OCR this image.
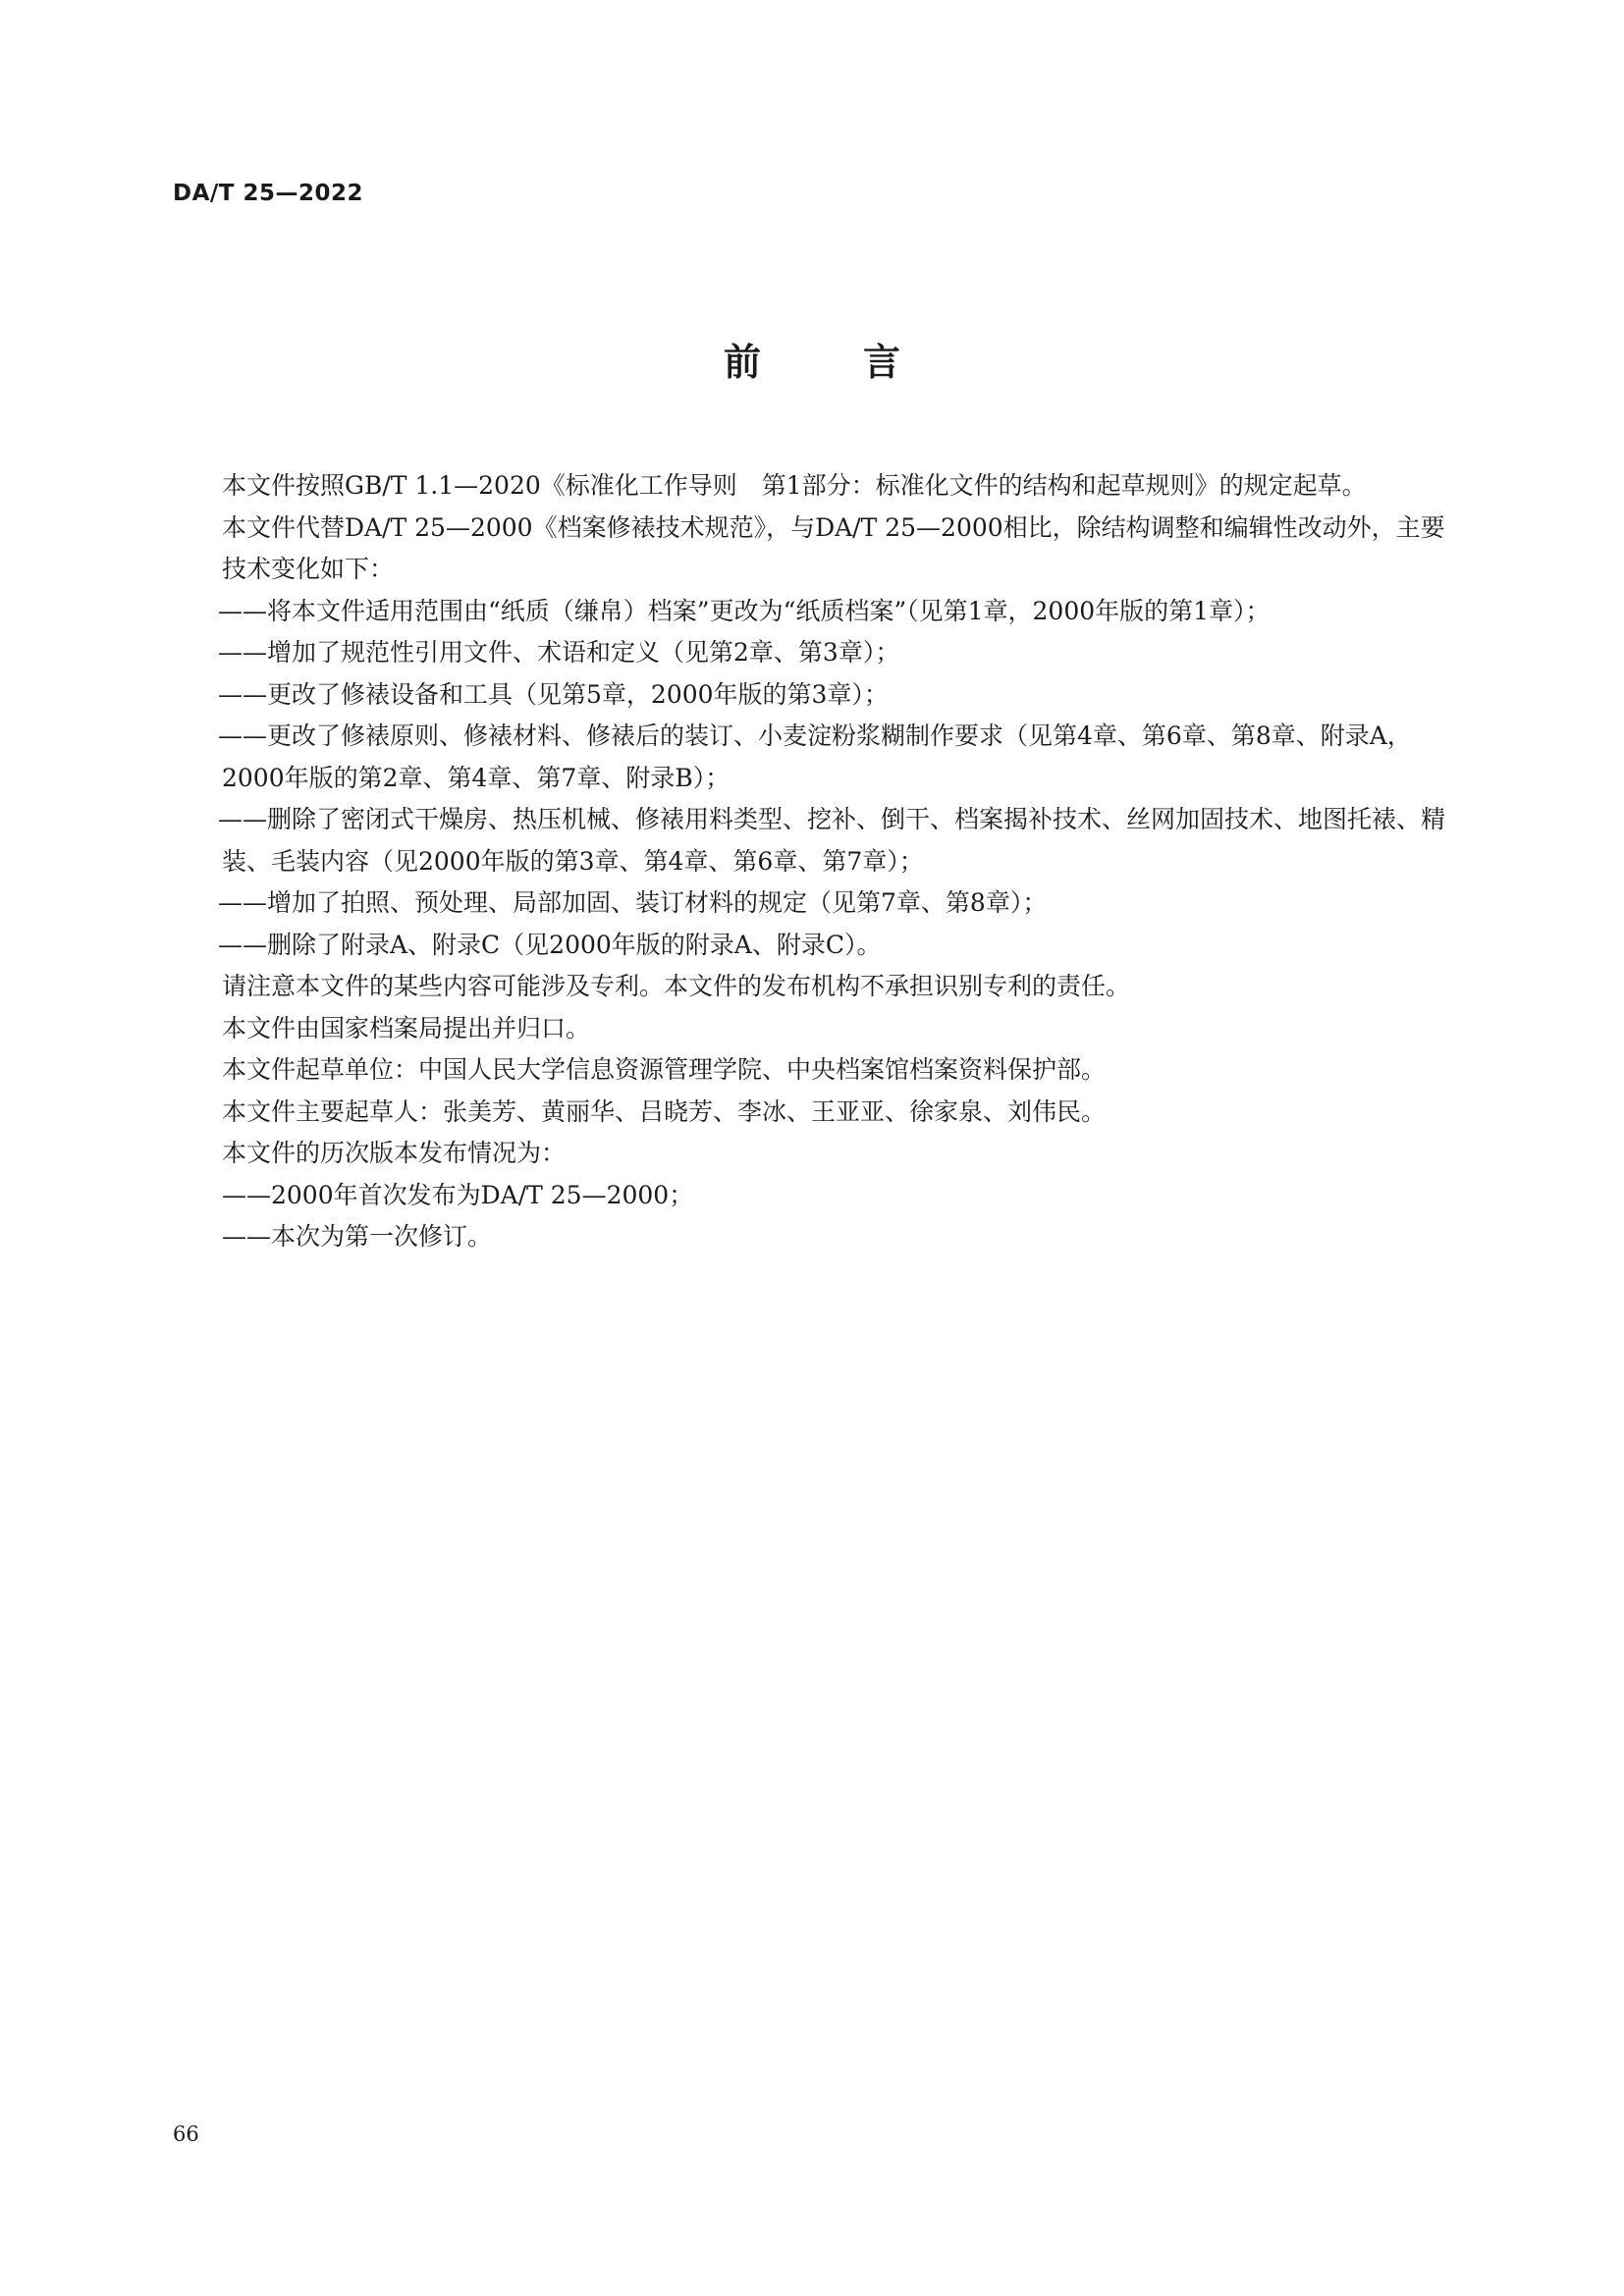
DA/T 25—2022
前	言

本文件按照GB/T 1.1—2020《标准化工作导则　第1部分：标准化文件的结构和起草规则》的规定起草。

本文件代替DA/T 25—2000《档案修裱技术规范》，与DA/T 25—2000相比，除结构调整和编辑性改动外，主要技术变化如下：

——将本文件适用范围由“纸质（缣帛）档案”更改为“纸质档案”（见第1章，2000年版的第1章）；

——增加了规范性引用文件、术语和定义（见第2章、第3章）；

——更改了修裱设备和工具（见第5章，2000年版的第3章）；

——更改了修裱原则、修裱材料、修裱后的装订、小麦淀粉浆糊制作要求（见第4章、第6章、第8章、附录A，2000年版的第2章、第4章、第7章、附录B）；

——删除了密闭式干燥房、热压机械、修裱用料类型、挖补、倒干、档案揭补技术、丝网加固技术、地图托裱、精装、毛装内容（见2000年版的第3章、第4章、第6章、第7章）；

——增加了拍照、预处理、局部加固、装订材料的规定（见第7章、第8章）；

——删除了附录A、附录C（见2000年版的附录A、附录C）。

请注意本文件的某些内容可能涉及专利。本文件的发布机构不承担识别专利的责任。

本文件由国家档案局提出并归口。

本文件起草单位：中国人民大学信息资源管理学院、中央档案馆档案资料保护部。

本文件主要起草人：张美芳、黄丽华、吕晓芳、李冰、王亚亚、徐家泉、刘伟民。

本文件的历次版本发布情况为：

——2000年首次发布为DA/T 25—2000；

——本次为第一次修订。

66
